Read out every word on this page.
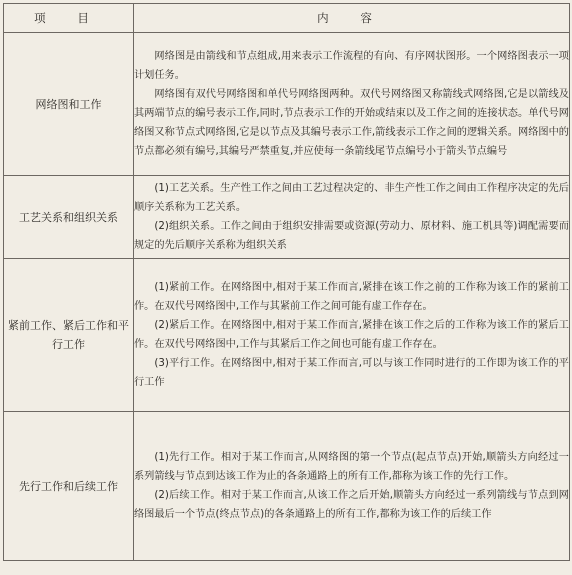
项 目	内 容
网络图和工作	网络图是由箭线和节点组成,用来表示工作流程的有向、有序网状图形。一个网络图表示一项计划任务。

网络图有双代号网络图和单代号网络图两种。双代号网络图又称箭线式网络图,它是以箭线及其两端节点的编号表示工作,同时,节点表示工作的开始或结束以及工作之间的连接状态。单代号网络图又称节点式网络图,它是以节点及其编号表示工作,箭线表示工作之间的逻辑关系。网络图中的节点都必须有编号,其编号严禁重复,并应使每一条箭线尾节点编号小于箭头节点编号

工艺关系和组织关系	(1)工艺关系。生产性工作之间由工艺过程决定的、非生产性工作之间由工作程序决定的先后顺序关系称为工艺关系。

(2)组织关系。工作之间由于组织安排需要或资源(劳动力、原材料、施工机具等)调配需要而规定的先后顺序关系称为组织关系

紧前工作、紧后工作和平行工作	(1)紧前工作。在网络图中,相对于某工作而言,紧排在该工作之前的工作称为该工作的紧前工作。在双代号网络图中,工作与其紧前工作之间可能有虚工作存在。

(2)紧后工作。在网络图中,相对于某工作而言,紧排在该工作之后的工作称为该工作的紧后工作。在双代号网络图中,工作与其紧后工作之间也可能有虚工作存在。

(3)平行工作。在网络图中,相对于某工作而言,可以与该工作同时进行的工作即为该工作的平行工作

先行工作和后续工作	(1)先行工作。相对于某工作而言,从网络图的第一个节点(起点节点)开始,顺箭头方向经过一系列箭线与节点到达该工作为止的各条通路上的所有工作,都称为该工作的先行工作。

(2)后续工作。相对于某工作而言,从该工作之后开始,顺箭头方向经过一系列箭线与节点到网络图最后一个节点(终点节点)的各条通路上的所有工作,都称为该工作的后续工作
